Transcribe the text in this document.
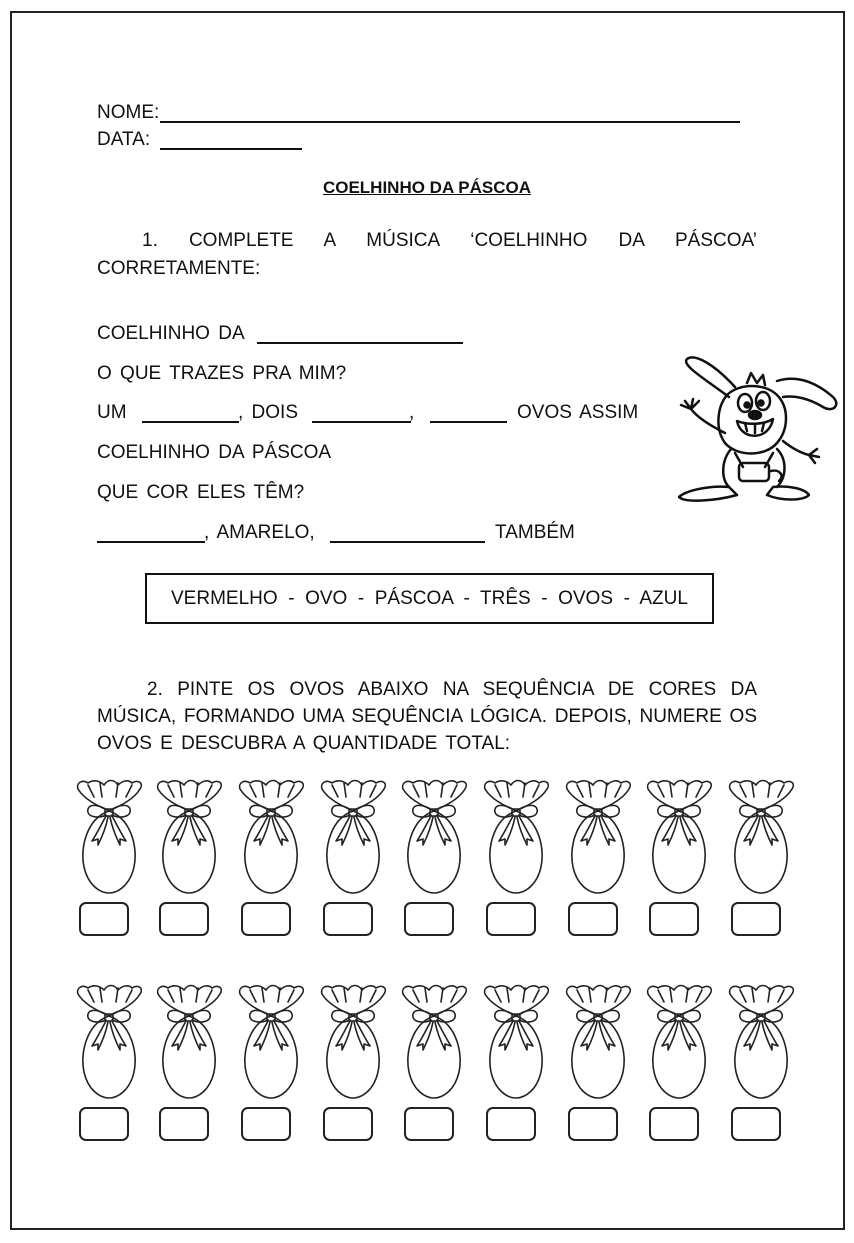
NOME:
DATA:
COELHINHO DA PÁSCOA
1. COMPLETE A MÚSICA ‘COELHINHO DA PÁSCOA’
CORRETAMENTE:
COELHINHO DA
O QUE TRAZES PRA MIM?
UM	, DOIS	,	OVOS ASSIM
COELHINHO DA PÁSCOA
QUE COR ELES TÊM?
, AMARELO,	TAMBÉM
VERMELHO  -  OVO  -  PÁSCOA  -  TRÊS  -  OVOS  -  AZUL
2. PINTE OS OVOS ABAIXO NA SEQUÊNCIA DE CORES DA
MÚSICA, FORMANDO UMA SEQUÊNCIA LÓGICA. DEPOIS, NUMERE OS
OVOS E DESCUBRA A QUANTIDADE TOTAL:
